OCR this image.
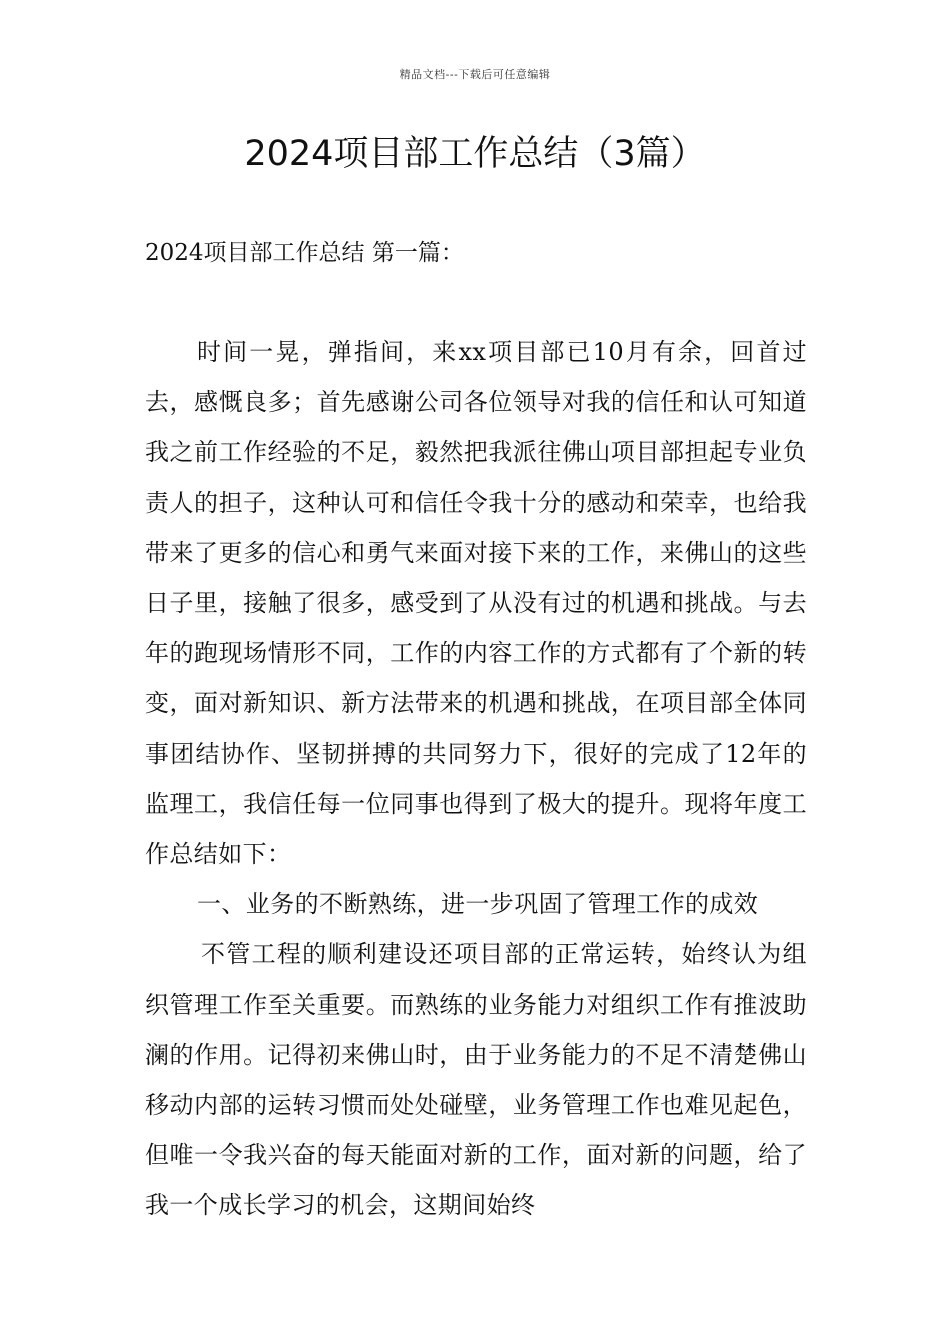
精品文档---下载后可任意编辑
2024项目部工作总结（3篇）
2024项目部工作总结 第一篇：

时间一晃，弹指间，来xx项目部已10月有余，回首过去，感慨良多；首先感谢公司各位领导对我的信任和认可知道我之前工作经验的不足，毅然把我派往佛山项目部担起专业负责人的担子，这种认可和信任令我十分的感动和荣幸，也给我带来了更多的信心和勇气来面对接下来的工作，来佛山的这些日子里，接触了很多，感受到了从没有过的机遇和挑战。与去年的跑现场情形不同，工作的内容工作的方式都有了个新的转变，面对新知识、新方法带来的机遇和挑战，在项目部全体同事团结协作、坚韧拼搏的共同努力下，很好的完成了12年的监理工，我信任每一位同事也得到了极大的提升。现将年度工作总结如下：

一、业务的不断熟练，进一步巩固了管理工作的成效

不管工程的顺利建设还项目部的正常运转，始终认为组织管理工作至关重要。而熟练的业务能力对组织工作有推波助澜的作用。记得初来佛山时，由于业务能力的不足不清楚佛山移动内部的运转习惯而处处碰壁，业务管理工作也难见起色，但唯一令我兴奋的每天能面对新的工作，面对新的问题，给了我一个成长学习的机会，这期间始终
